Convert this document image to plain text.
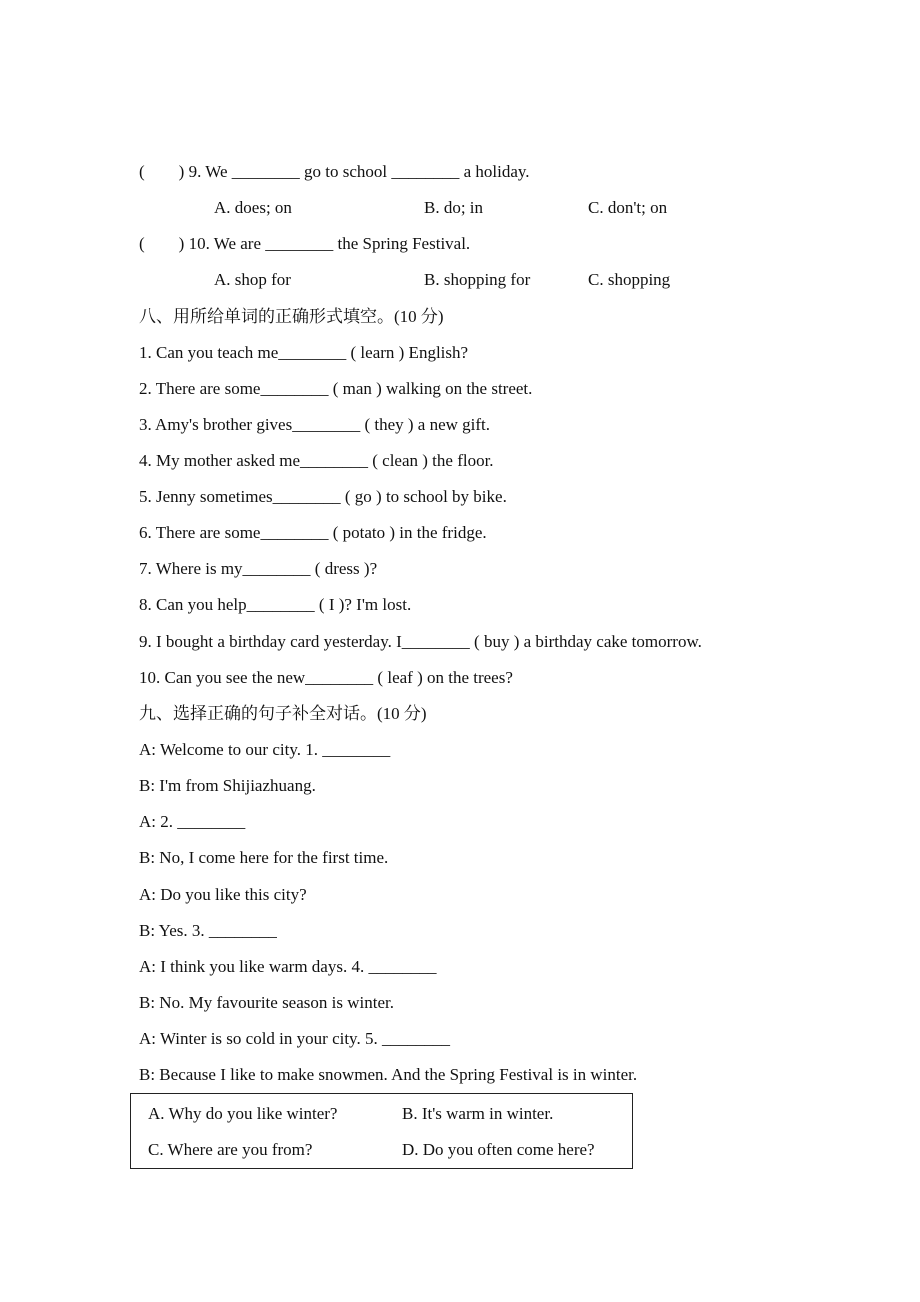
(        ) 9. We ________ go to school ________ a holiday.
A. does; on	B. do; in	C. don't; on
(        ) 10. We are ________ the Spring Festival.
A. shop for	B. shopping for	C. shopping
八、用所给单词的正确形式填空。(10 分)
1. Can you teach me________ ( learn ) English?
2. There are some________ ( man ) walking on the street.
3. Amy's brother gives________ ( they ) a new gift.
4. My mother asked me________ ( clean ) the floor.
5. Jenny sometimes________ ( go ) to school by bike.
6. There are some________ ( potato ) in the fridge.
7. Where is my________ ( dress )?
8. Can you help________ ( I )? I'm lost.
9. I bought a birthday card yesterday. I________ ( buy ) a birthday cake tomorrow.
10. Can you see the new________ ( leaf ) on the trees?
九、选择正确的句子补全对话。(10 分)
A: Welcome to our city. 1. ________
B: I'm from Shijiazhuang.
A: 2. ________
B: No, I come here for the first time.
A: Do you like this city?
B: Yes. 3. ________
A: I think you like warm days. 4. ________
B: No. My favourite season is winter.
A: Winter is so cold in your city. 5. ________
B: Because I like to make snowmen. And the Spring Festival is in winter.
A. Why do you like winter?	B. It's warm in winter.
C. Where are you from?	D. Do you often come here?
